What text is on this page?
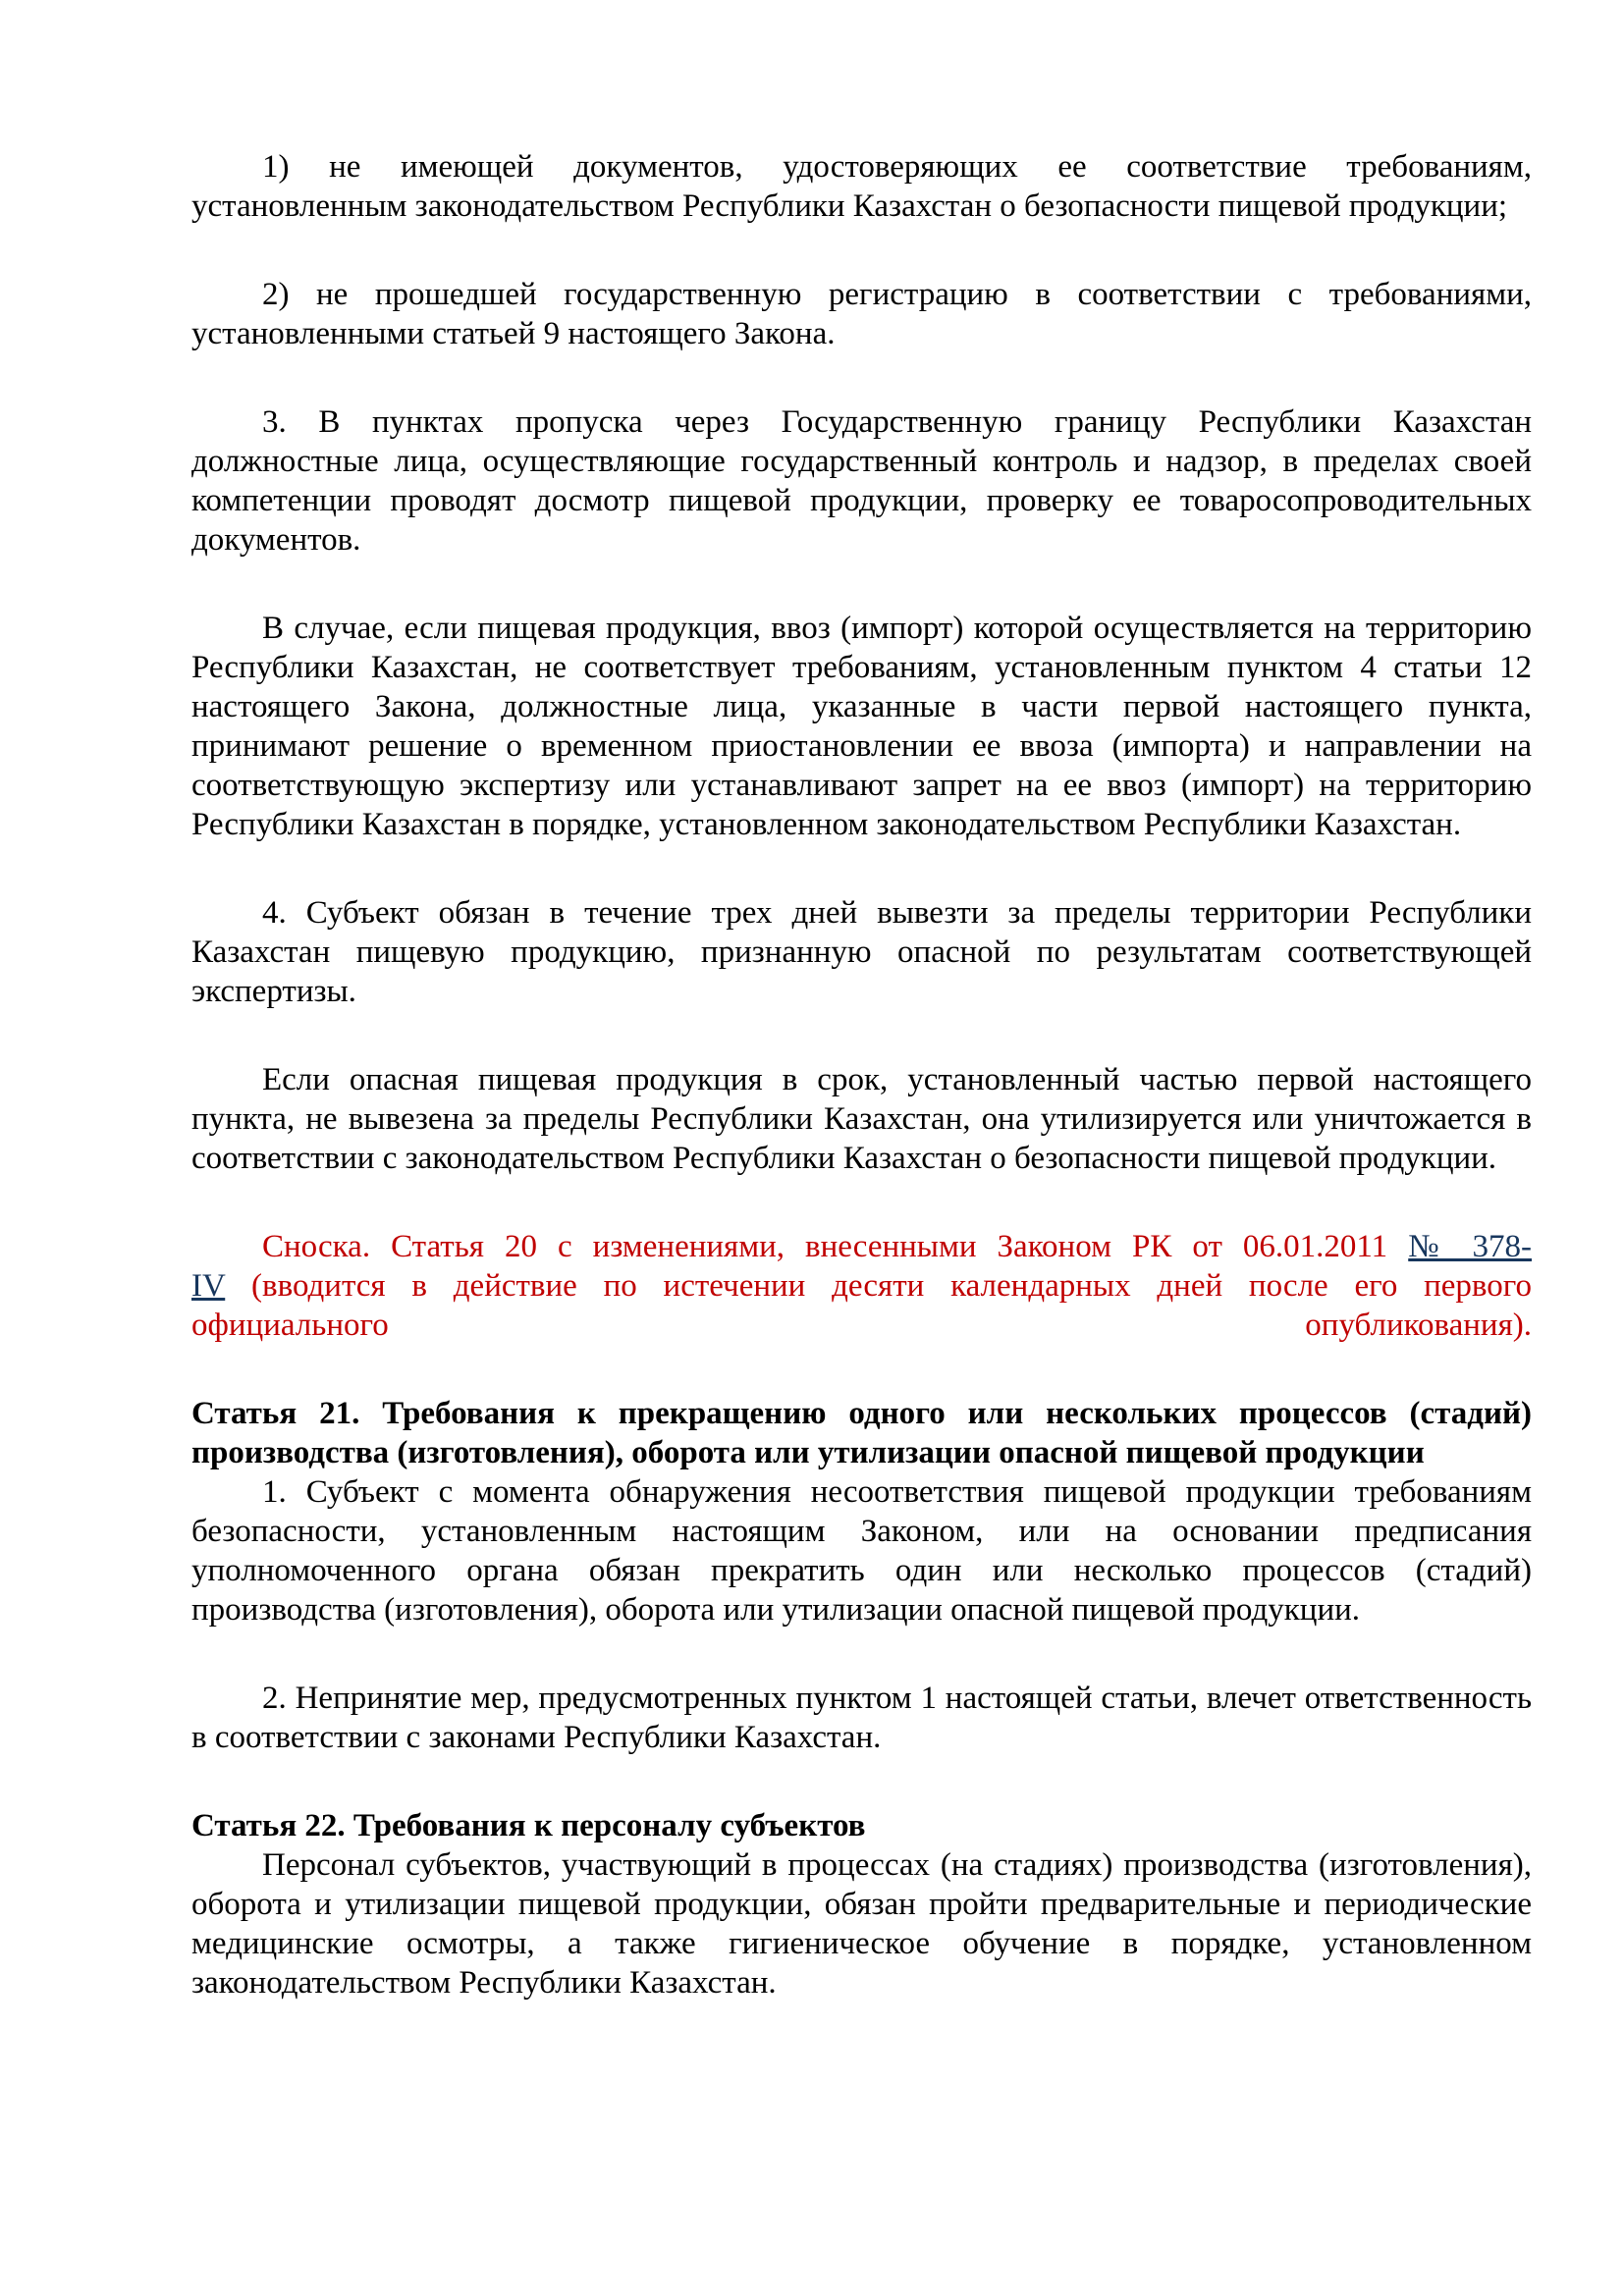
1) не имеющей документов, удостоверяющих ее соответствие требованиям, установленным законодательством Республики Казахстан о безопасности пищевой продукции;
2) не прошедшей государственную регистрацию в соответствии с требованиями, установленными статьей 9 настоящего Закона.
3. В пунктах пропуска через Государственную границу Республики Казахстан должностные лица, осуществляющие государственный контроль и надзор, в пределах своей компетенции проводят досмотр пищевой продукции, проверку ее товаросопроводительных документов.
В случае, если пищевая продукция, ввоз (импорт) которой осуществляется на территорию Республики Казахстан, не соответствует требованиям, установленным пунктом 4 статьи 12 настоящего Закона, должностные лица, указанные в части первой настоящего пункта, принимают решение о временном приостановлении ее ввоза (импорта) и направлении на соответствующую экспертизу или устанавливают запрет на ее ввоз (импорт) на территорию Республики Казахстан в порядке, установленном законодательством Республики Казахстан.
4. Субъект обязан в течение трех дней вывезти за пределы территории Республики Казахстан пищевую продукцию, признанную опасной по результатам соответствующей экспертизы.
Если опасная пищевая продукция в срок, установленный частью первой настоящего пункта, не вывезена за пределы Республики Казахстан, она утилизируется или уничтожается в соответствии с законодательством Республики Казахстан о безопасности пищевой продукции.
Сноска. Статья 20 с изменениями, внесенными Законом РК от 06.01.2011 № 378-
IV (вводится в действие по истечении десяти календарных дней после его первого
официального	опубликования).
Статья 21. Требования к прекращению одного или нескольких процессов (стадий) производства (изготовления), оборота или утилизации опасной пищевой продукции
1. Субъект с момента обнаружения несоответствия пищевой продукции требованиям безопасности, установленным настоящим Законом, или на основании предписания уполномоченного органа обязан прекратить один или несколько процессов (стадий) производства (изготовления), оборота или утилизации опасной пищевой продукции.
2. Непринятие мер, предусмотренных пунктом 1 настоящей статьи, влечет ответственность в соответствии с законами Республики Казахстан.
Статья 22. Требования к персоналу субъектов
Персонал субъектов, участвующий в процессах (на стадиях) производства (изготовления), оборота и утилизации пищевой продукции, обязан пройти предварительные и периодические медицинские осмотры, а также гигиеническое обучение в порядке, установленном законодательством Республики Казахстан.
